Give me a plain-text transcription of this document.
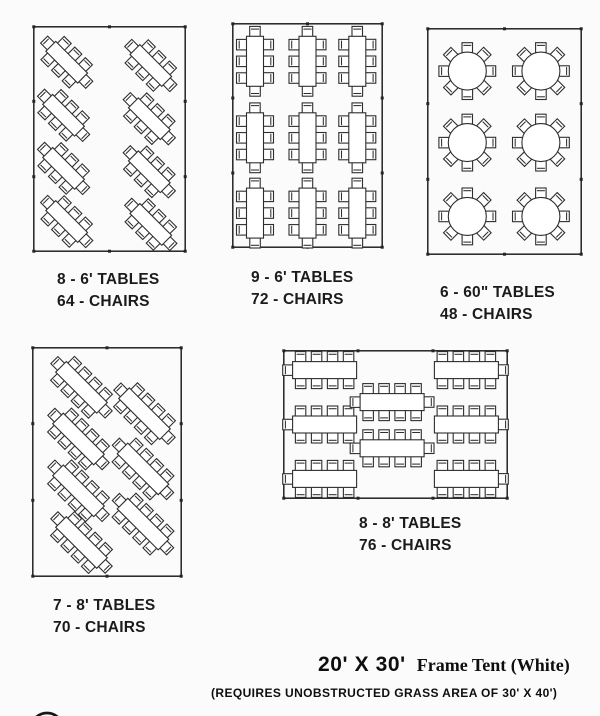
8 - 6' TABLES
64 - CHAIRS
9 - 6' TABLES
72 - CHAIRS	6 - 60" TABLES
48 - CHAIRS
7 - 8' TABLES
70 - CHAIRS
8 - 8' TABLES
76 - CHAIRS
20' X 30' Frame Tent (White)
(REQUIRES UNOBSTRUCTED GRASS AREA OF 30' X 40')
